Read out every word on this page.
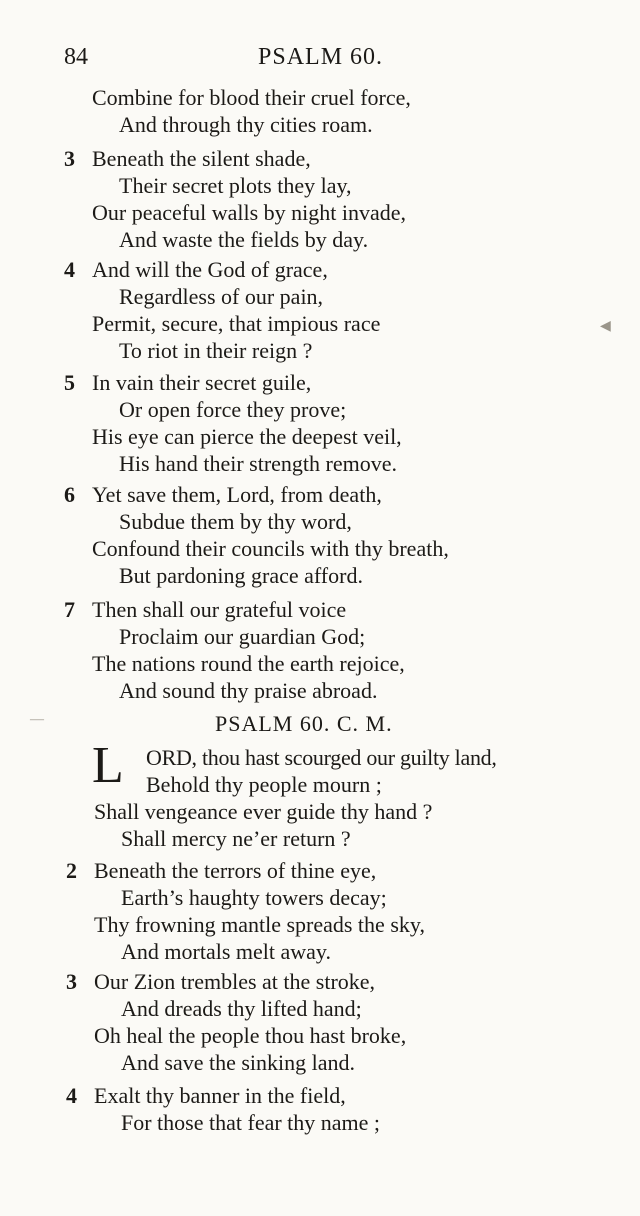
84	PSALM 60.
Combine for blood their cruel force,
And through thy cities roam.
3 Beneath the silent shade,
Their secret plots they lay,
Our peaceful walls by night invade,
And waste the fields by day.
4 And will the God of grace,
Regardless of our pain,
Permit, secure, that impious race
To riot in their reign ?
5 In vain their secret guile,
Or open force they prove;
His eye can pierce the deepest veil,
His hand their strength remove.
6 Yet save them, Lord, from death,
Subdue them by thy word,
Confound their councils with thy breath,
But pardoning grace afford.
7 Then shall our grateful voice
Proclaim our guardian God;
The nations round the earth rejoice,
And sound thy praise abroad.
PSALM 60. C. M.
L ORD, thou hast scourged our guilty land,
Behold thy people mourn ;
Shall vengeance ever guide thy hand ?
Shall mercy ne’er return ?
2 Beneath the terrors of thine eye,
Earth’s haughty towers decay;
Thy frowning mantle spreads the sky,
And mortals melt away.
3 Our Zion trembles at the stroke,
And dreads thy lifted hand;
Oh heal the people thou hast broke,
And save the sinking land.
4 Exalt thy banner in the field,
For those that fear thy name ;
◀
—
